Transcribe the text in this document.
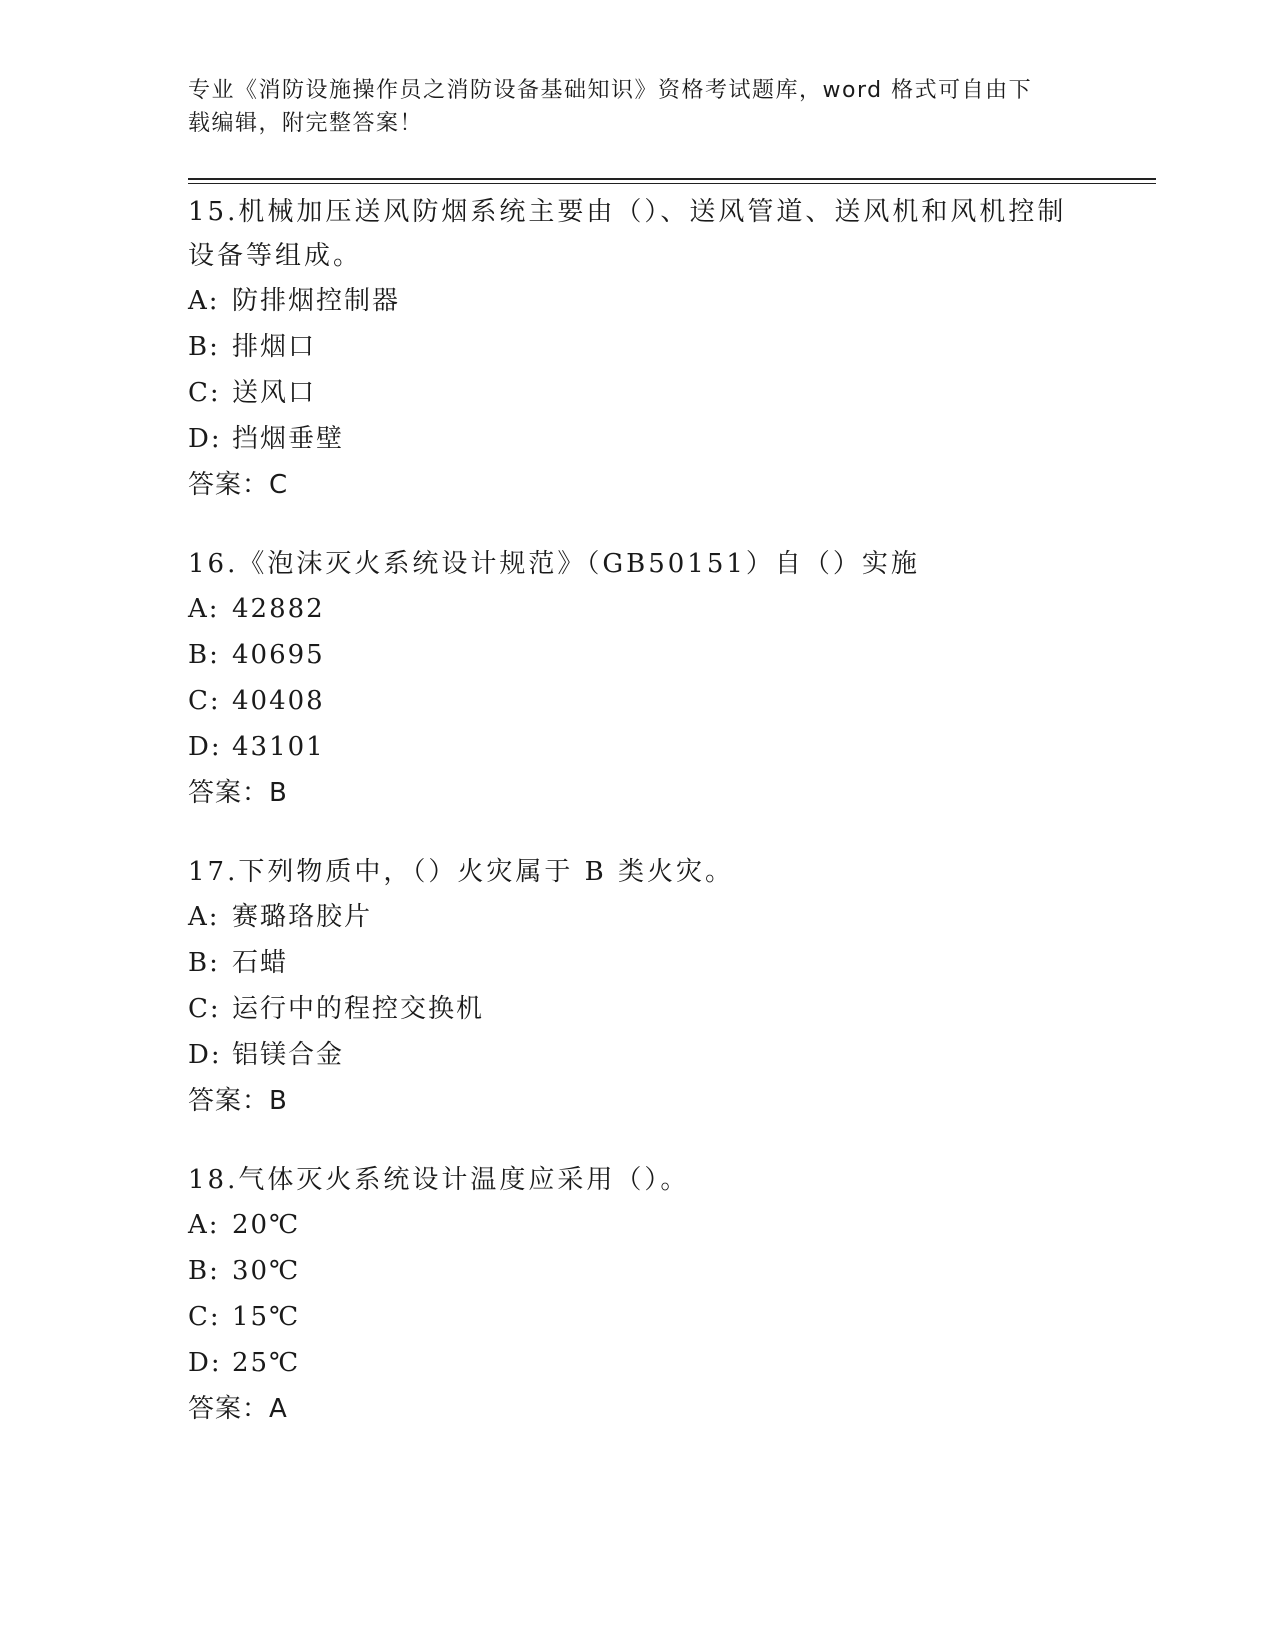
专业《消防设施操作员之消防设备基础知识》资格考试题库，word 格式可自由下
载编辑，附完整答案！
15.机械加压送风防烟系统主要由（）、送风管道、送风机和风机控制
设备等组成。
A: 防排烟控制器
B: 排烟口
C: 送风口
D: 挡烟垂壁
答案：C
16.《泡沫灭火系统设计规范》（GB50151）自（）实施
A: 42882
B: 40695
C: 40408
D: 43101
答案：B
17.下列物质中，（）火灾属于 B 类火灾。
A: 赛璐珞胶片
B: 石蜡
C: 运行中的程控交换机
D: 铝镁合金
答案：B
18.气体灭火系统设计温度应采用（）。
A: 20℃
B: 30℃
C: 15℃
D: 25℃
答案：A
